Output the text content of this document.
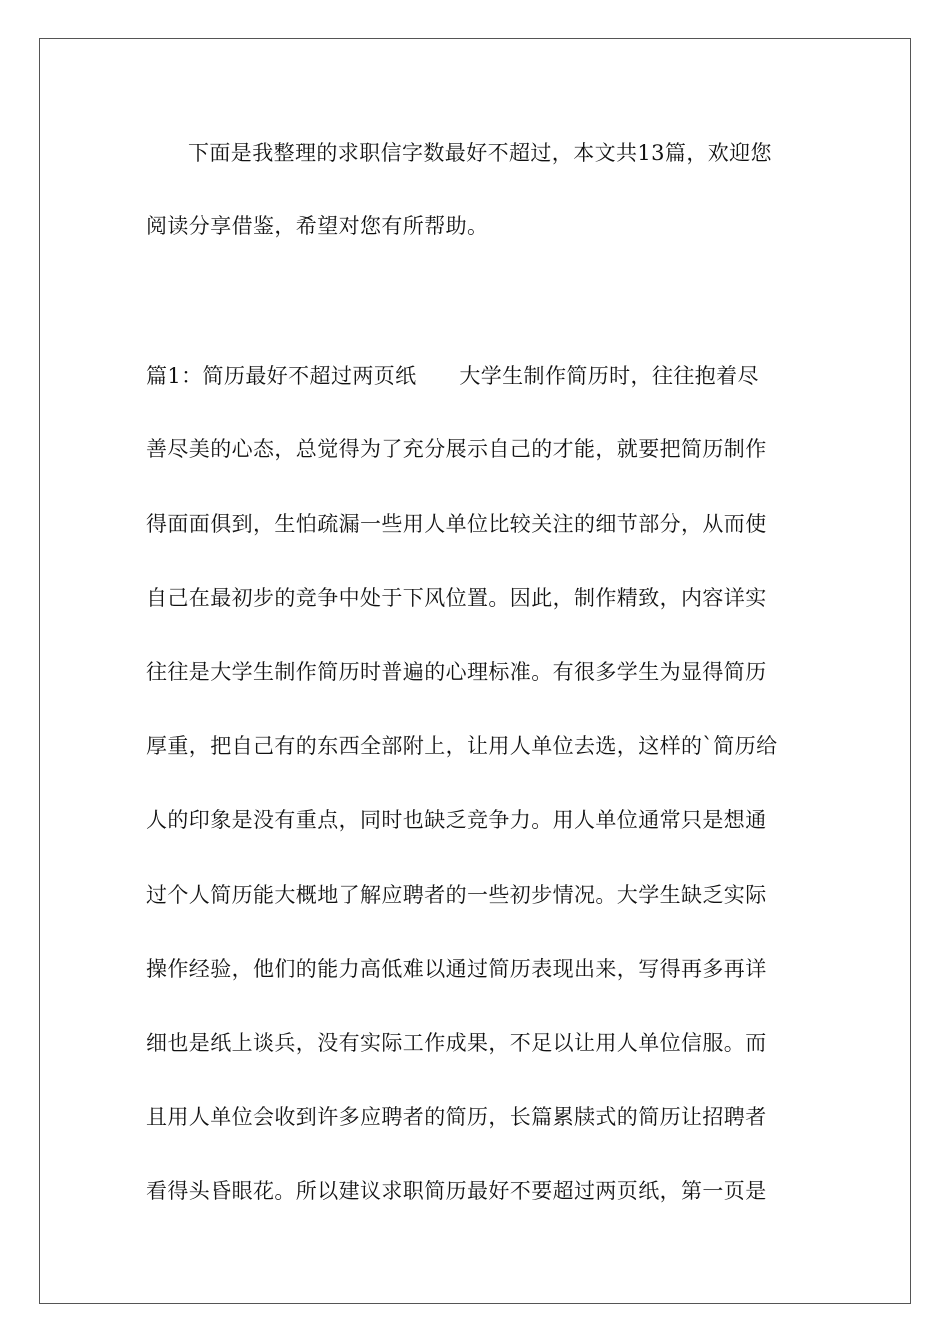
下面是我整理的求职信字数最好不超过，本文共13篇，欢迎您
阅读分享借鉴，希望对您有所帮助。
篇1：简历最好不超过两页纸　　大学生制作简历时，往往抱着尽
善尽美的心态，总觉得为了充分展示自己的才能，就要把简历制作
得面面俱到，生怕疏漏一些用人单位比较关注的细节部分，从而使
自己在最初步的竞争中处于下风位置。因此，制作精致，内容详实
往往是大学生制作简历时普遍的心理标准。有很多学生为显得简历
厚重，把自己有的东西全部附上，让用人单位去选，这样的`简历给
人的印象是没有重点，同时也缺乏竞争力。用人单位通常只是想通
过个人简历能大概地了解应聘者的一些初步情况。大学生缺乏实际
操作经验，他们的能力高低难以通过简历表现出来，写得再多再详
细也是纸上谈兵，没有实际工作成果，不足以让用人单位信服。而
且用人单位会收到许多应聘者的简历，长篇累牍式的简历让招聘者
看得头昏眼花。所以建议求职简历最好不要超过两页纸，第一页是
